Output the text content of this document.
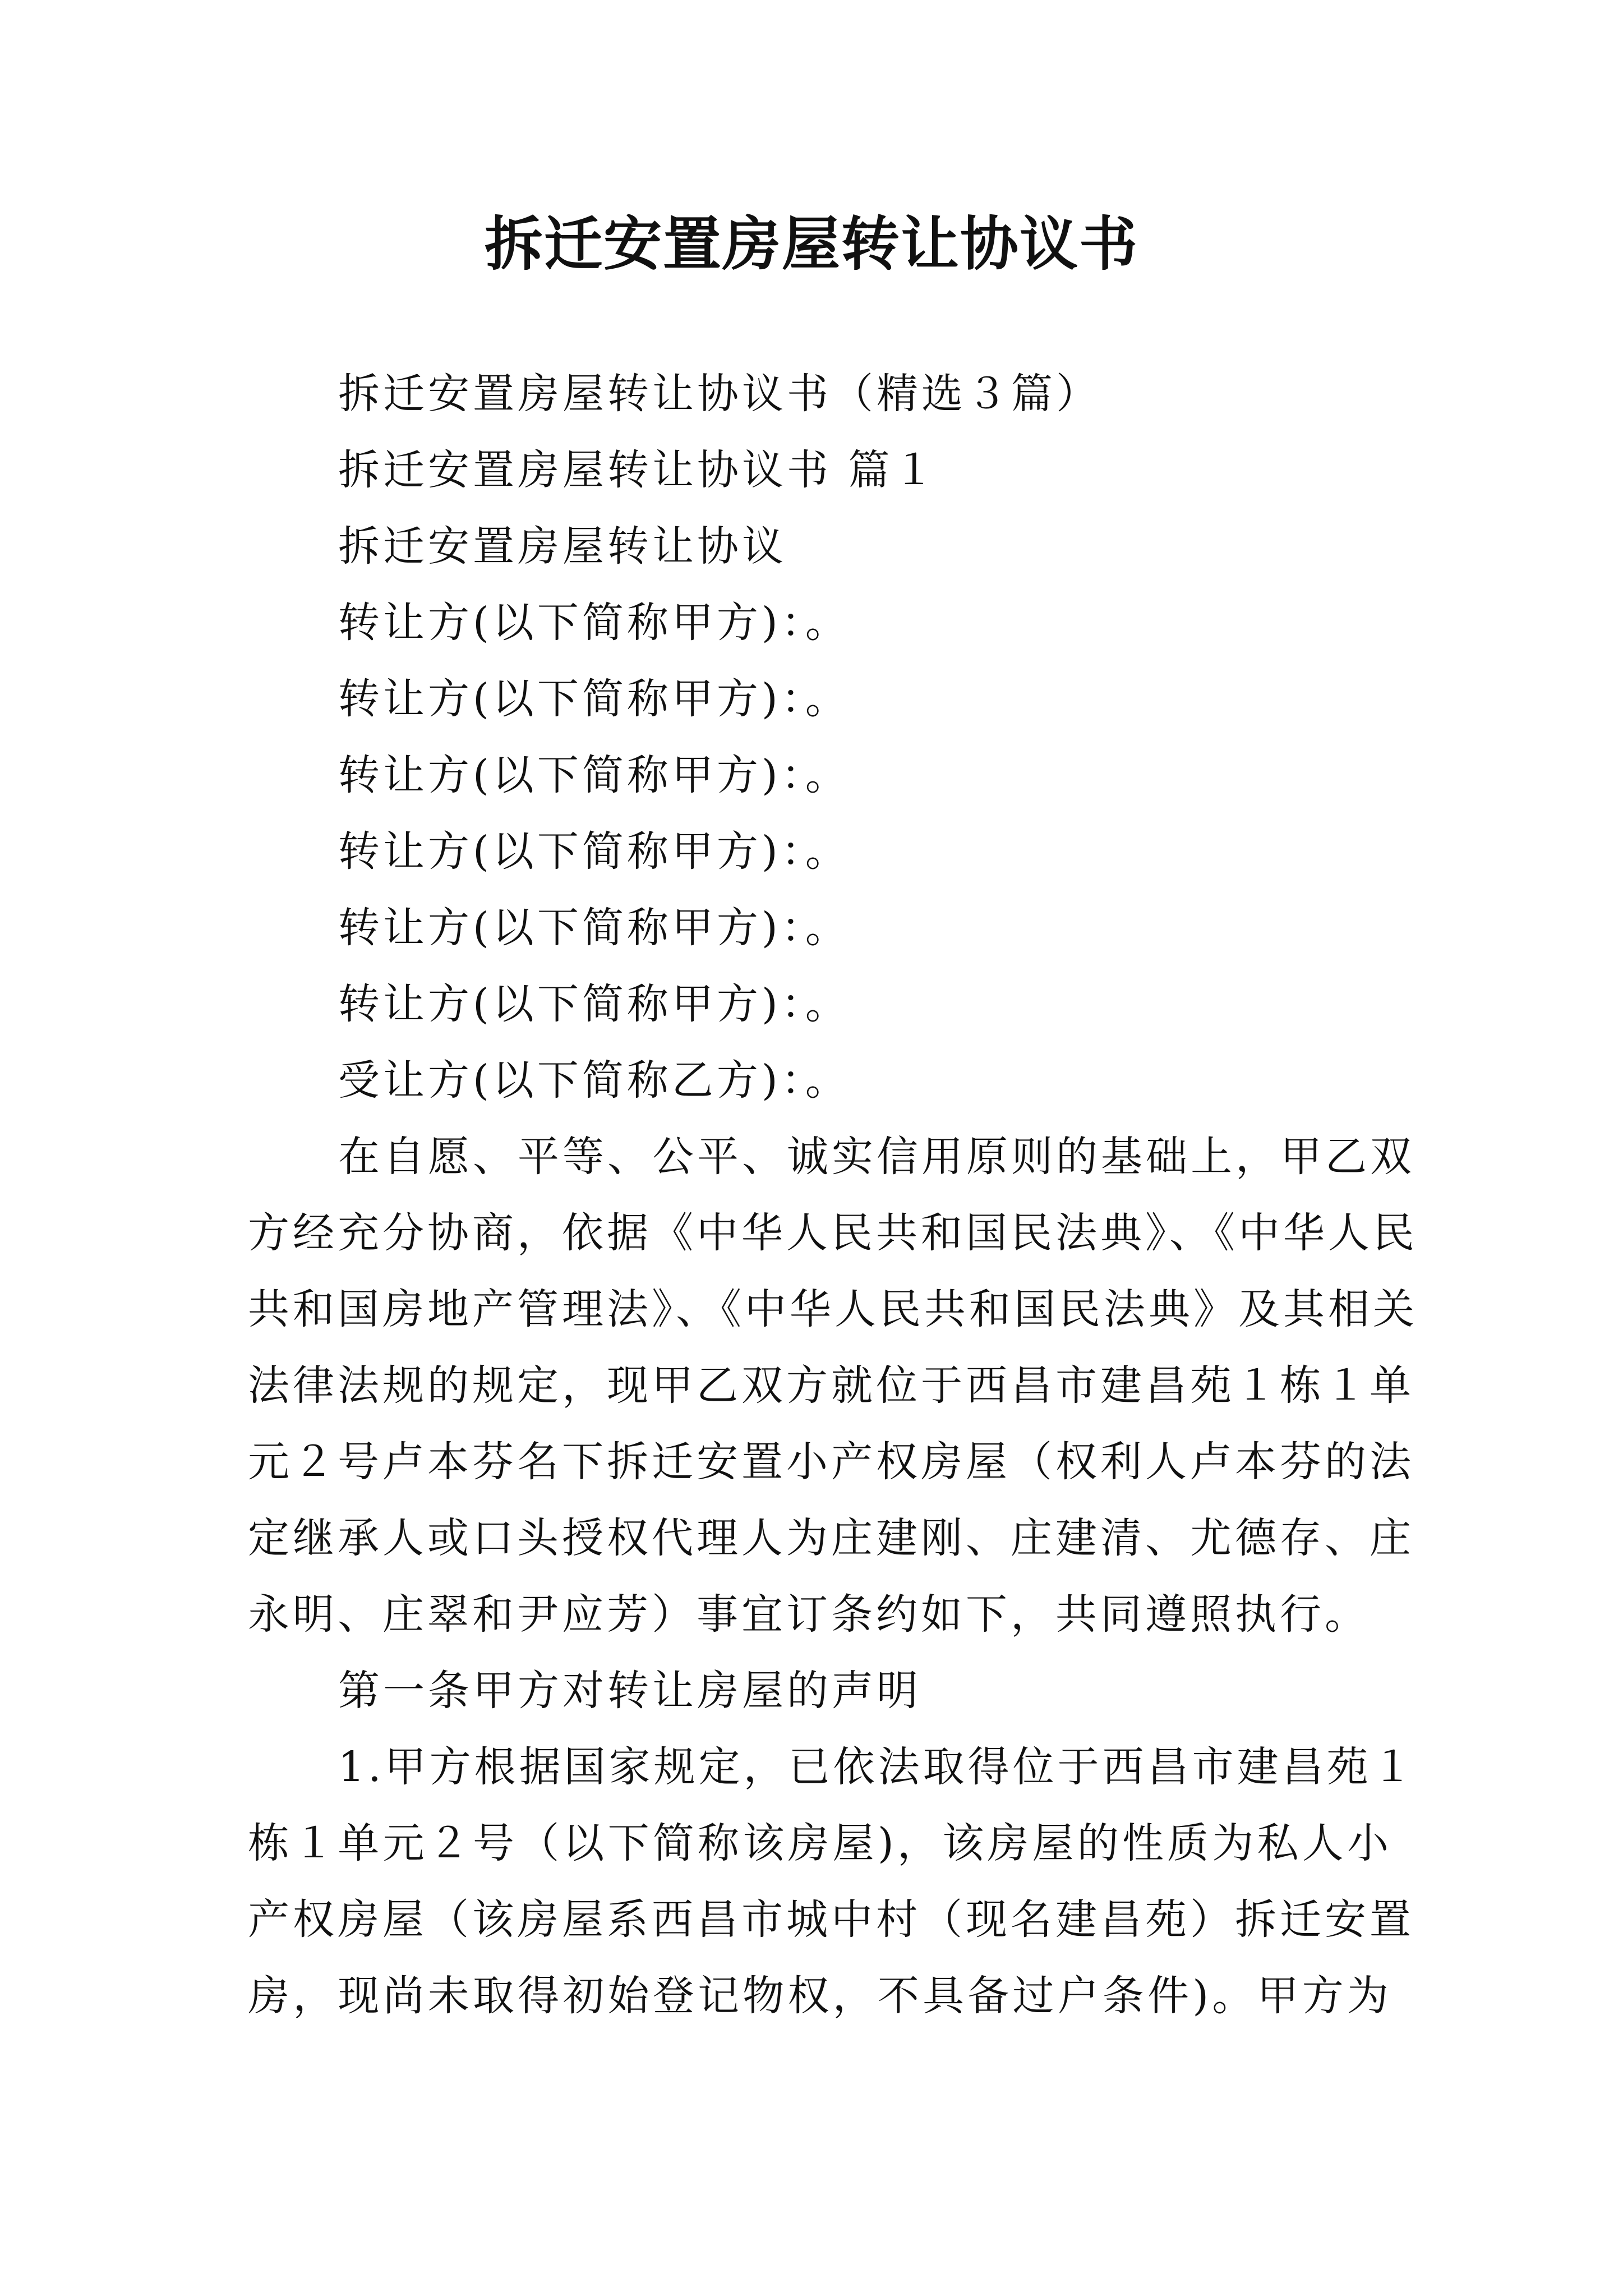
拆迁安置房屋转让协议书
拆迁安置房屋转让协议书（精选３篇）
拆迁安置房屋转让协议书 篇１
拆迁安置房屋转让协议
转让方(以下简称甲方)：。
转让方(以下简称甲方)：。
转让方(以下简称甲方)：。
转让方(以下简称甲方)：。
转让方(以下简称甲方)：。
转让方(以下简称甲方)：。
受让方(以下简称乙方)：。
在自愿、平等、公平、诚实信用原则的基础上，甲乙双
方经充分协商，依据《中华人民共和国民法典》、《中华人民
共和国房地产管理法》、《中华人民共和国民法典》及其相关
法律法规的规定，现甲乙双方就位于西昌市建昌苑１栋１单
元２号卢本芬名下拆迁安置小产权房屋（权利人卢本芬的法
定继承人或口头授权代理人为庄建刚、庄建清、尤德存、庄
永明、庄翠和尹应芳）事宜订条约如下，共同遵照执行。
第一条甲方对转让房屋的声明
1.甲方根据国家规定，已依法取得位于西昌市建昌苑１
栋１单元２号（以下简称该房屋)，该房屋的性质为私人小
产权房屋（该房屋系西昌市城中村（现名建昌苑）拆迁安置
房，现尚未取得初始登记物权，不具备过户条件)。甲方为
